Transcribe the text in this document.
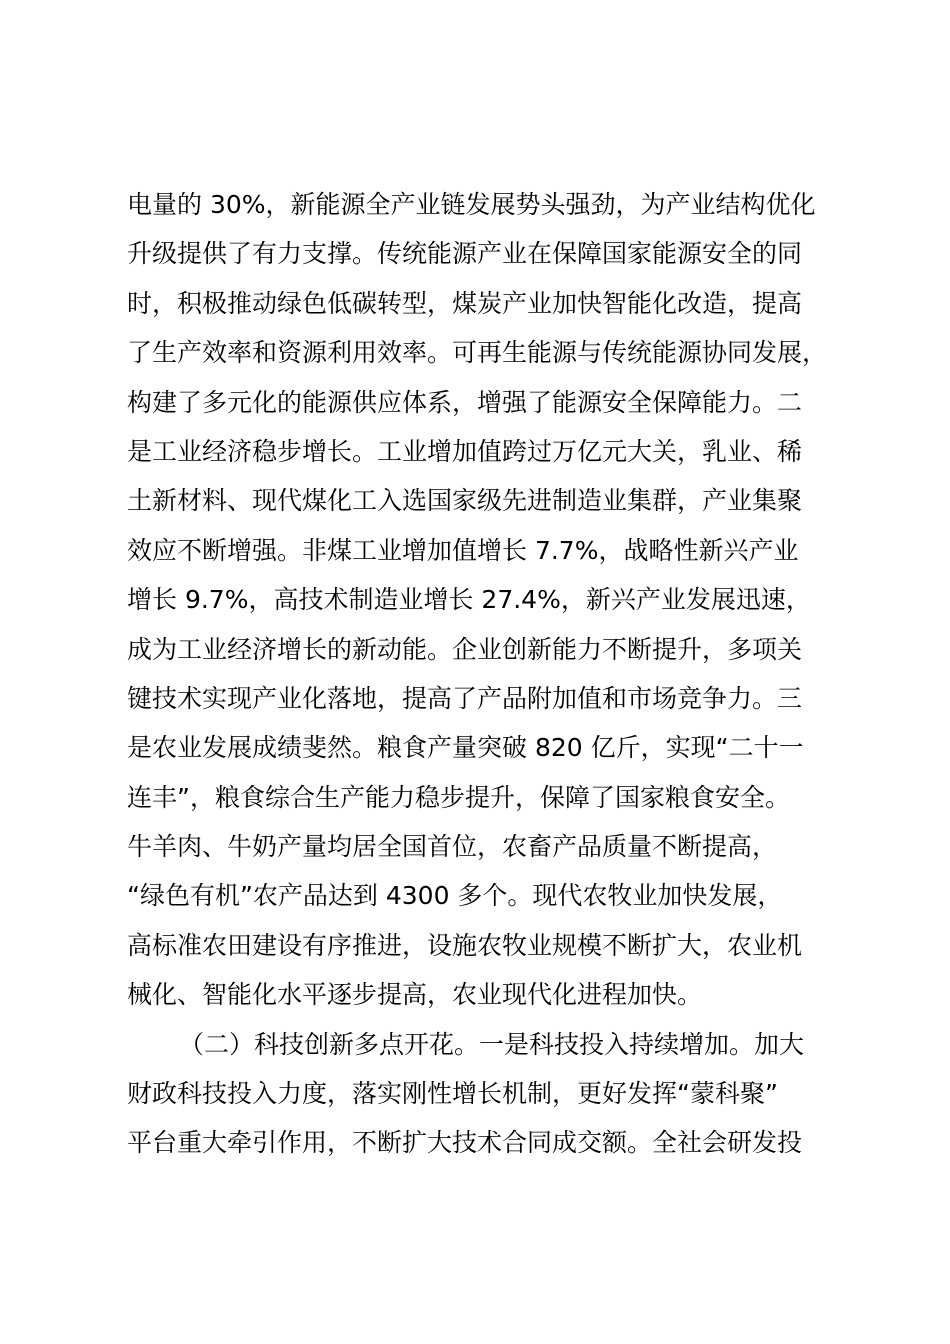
电量的 30%，新能源全产业链发展势头强劲，为产业结构优化
升级提供了有力支撑。传统能源产业在保障国家能源安全的同
时，积极推动绿色低碳转型，煤炭产业加快智能化改造，提高
了生产效率和资源利用效率。可再生能源与传统能源协同发展，
构建了多元化的能源供应体系，增强了能源安全保障能力。二
是工业经济稳步增长。工业增加值跨过万亿元大关，乳业、稀
土新材料、现代煤化工入选国家级先进制造业集群，产业集聚
效应不断增强。非煤工业增加值增长 7.7%，战略性新兴产业
增长 9.7%，高技术制造业增长 27.4%，新兴产业发展迅速，
成为工业经济增长的新动能。企业创新能力不断提升，多项关
键技术实现产业化落地，提高了产品附加值和市场竞争力。三
是农业发展成绩斐然。粮食产量突破 820 亿斤，实现“二十一
连丰”，粮食综合生产能力稳步提升，保障了国家粮食安全。
牛羊肉、牛奶产量均居全国首位，农畜产品质量不断提高，
“绿色有机”农产品达到 4300 多个。现代农牧业加快发展，
高标准农田建设有序推进，设施农牧业规模不断扩大，农业机
械化、智能化水平逐步提高，农业现代化进程加快。
（二）科技创新多点开花。一是科技投入持续增加。加大
财政科技投入力度，落实刚性增长机制，更好发挥“蒙科聚”
平台重大牵引作用，不断扩大技术合同成交额。全社会研发投
